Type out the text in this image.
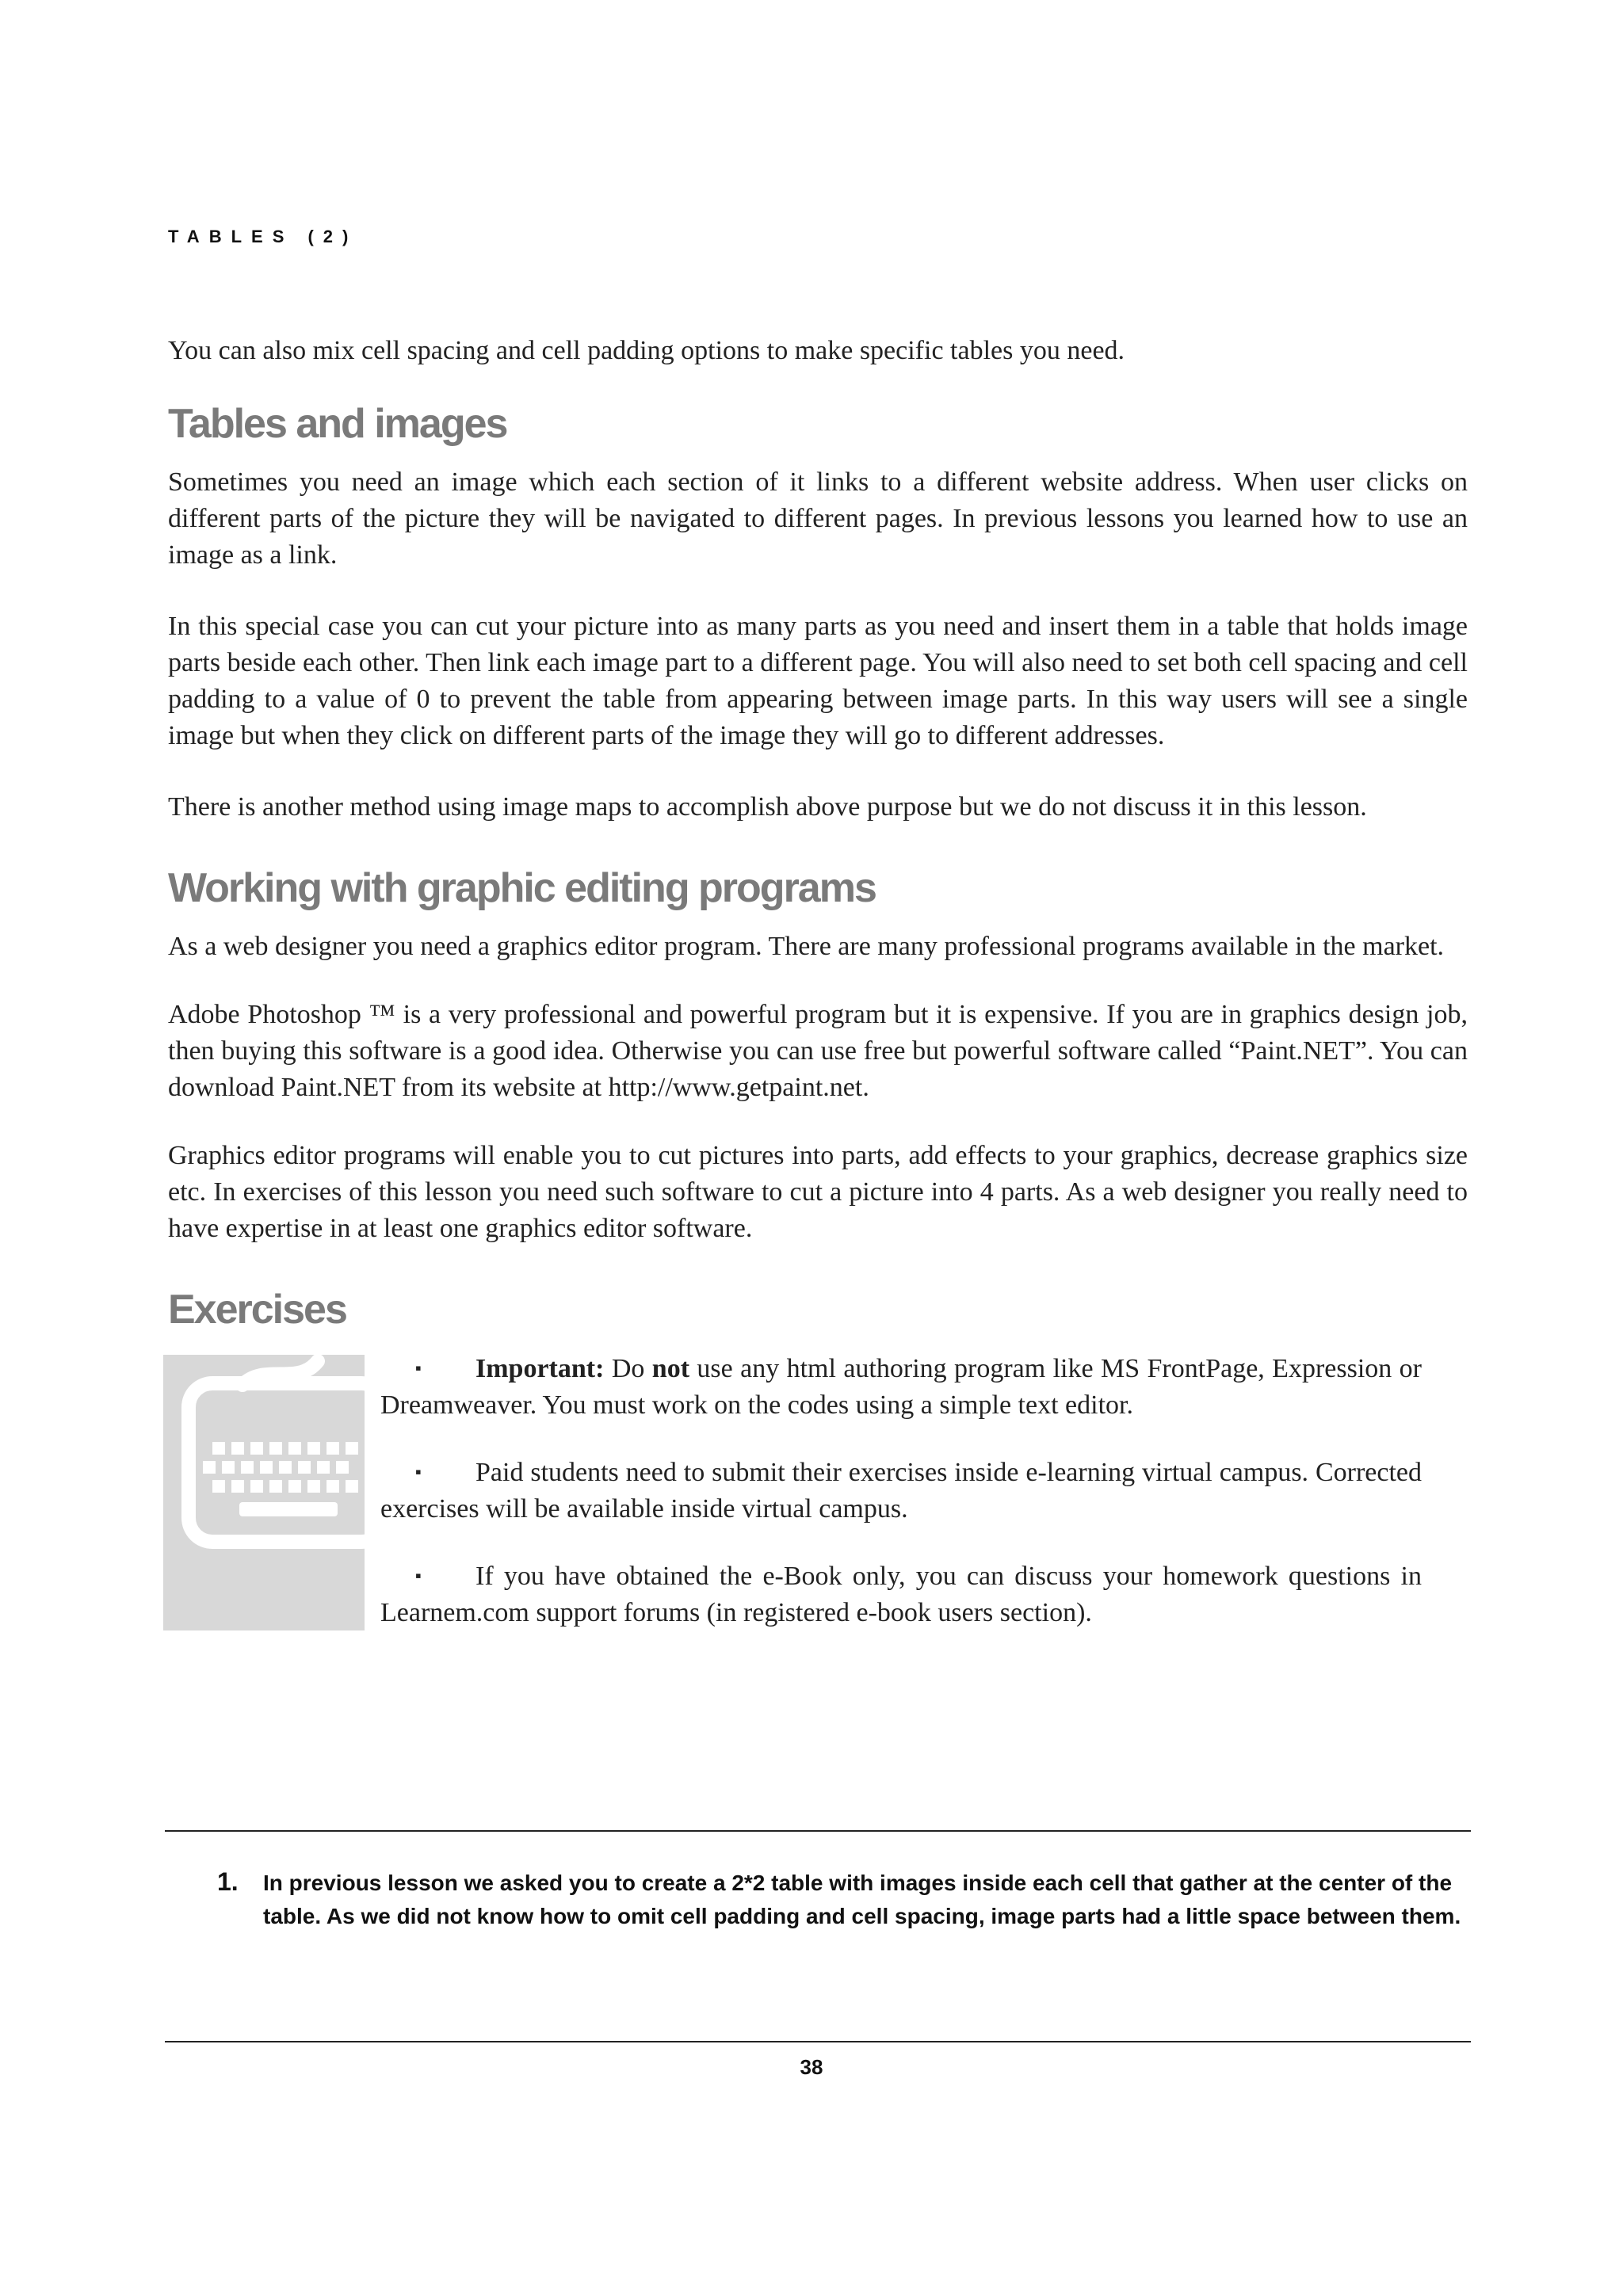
TABLES (2)

You can also mix cell spacing and cell padding options to make specific tables you need.

Tables and images

Sometimes you need an image which each section of it links to a different website address. When user clicks on different parts of the picture they will be navigated to different pages. In previous lessons you learned how to use an image as a link.

In this special case you can cut your picture into as many parts as you need and insert them in a table that holds image parts beside each other. Then link each image part to a different page. You will also need to set both cell spacing and cell padding to a value of 0 to prevent the table from appearing between image parts. In this way users will see a single image but when they click on different parts of the image they will go to different addresses.

There is another method using image maps to accomplish above purpose but we do not discuss it in this lesson.

Working with graphic editing programs

As a web designer you need a graphics editor program. There are many professional programs available in the market.

Adobe Photoshop ™ is a very professional and powerful program but it is expensive. If you are in graphics design job, then buying this software is a good idea. Otherwise you can use free but powerful software called “Paint.NET”. You can download Paint.NET from its website at http://www.getpaint.net.

Graphics editor programs will enable you to cut pictures into parts, add effects to your graphics, decrease graphics size etc. In exercises of this lesson you need such software to cut a picture into 4 parts. As a web designer you really need to have expertise in at least one graphics editor software.

Exercises
▪ Important: Do not use any html authoring program like MS FrontPage, Expression or Dreamweaver. You must work on the codes using a simple text editor.
▪ Paid students need to submit their exercises inside e-learning virtual campus. Corrected exercises will be available inside virtual campus.
▪ If you have obtained the e-Book only, you can discuss your homework questions in Learnem.com support forums (in registered e-book users section).
1. In previous lesson we asked you to create a 2*2 table with images inside each cell that gather at the center of the table. As we did not know how to omit cell padding and cell spacing, image parts had a little space between them.
38
